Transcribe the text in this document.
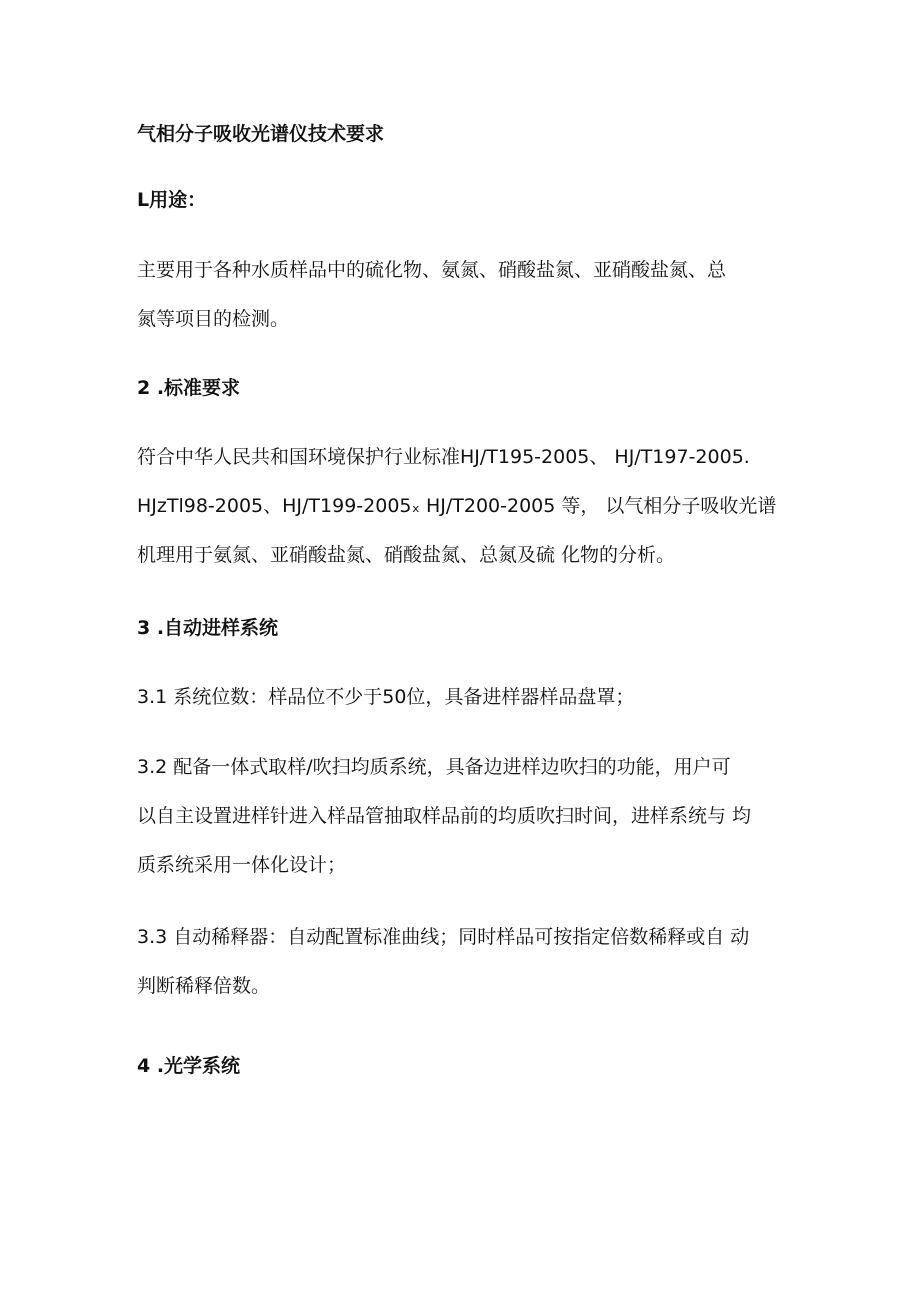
气相分子吸收光谱仪技术要求

L用途：

主要用于各种水质样品中的硫化物、氨氮、硝酸盐氮、亚硝酸盐氮、总
氮等项目的检测。

2 .标准要求

符合中华人民共和国环境保护行业标准HJ/T195-2005、 HJ/T197-2005.
HJzTl98-2005、HJ/T199-2005ₓ HJ/T200-2005 等， 以气相分子吸收光谱
机理用于氨氮、亚硝酸盐氮、硝酸盐氮、总氮及硫 化物的分析。

3 .自动进样系统

3.1 系统位数：样品位不少于50位，具备进样器样品盘罩；

3.2 配备一体式取样/吹扫均质系统，具备边进样边吹扫的功能，用户可
以自主设置进样针进入样品管抽取样品前的均质吹扫时间，进样系统与 均
质系统采用一体化设计；

3.3 自动稀释器：自动配置标准曲线；同时样品可按指定倍数稀释或自 动
判断稀释倍数。

4 .光学系统
